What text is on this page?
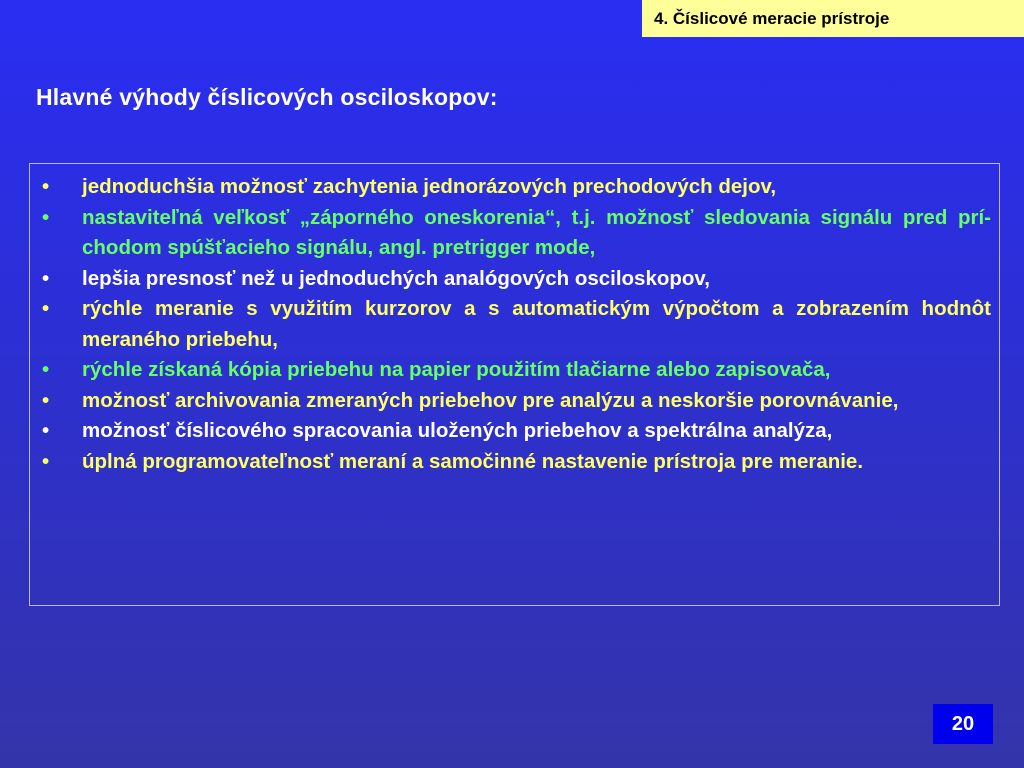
4. Číslicové meracie prístroje
Hlavné výhody číslicových osciloskopov:
•	jednoduchšia možnosť zachytenia jednorázových prechodových dejov,
•	nastaviteľná veľkosť „záporného oneskorenia“, t.j. možnosť sledovania signálu pred prí-chodom spúšťacieho signálu, angl. pretrigger mode,
•	lepšia presnosť než u jednoduchých analógových osciloskopov,
•	rýchle meranie s využitím kurzorov a s automatickým výpočtom a zobrazením hodnôt meraného priebehu,
•	rýchle získaná kópia priebehu na papier použitím tlačiarne alebo zapisovača,
•	možnosť archivovania zmeraných priebehov pre analýzu a neskoršie porovnávanie,
•	možnosť číslicového spracovania uložených priebehov a spektrálna analýza,
•	úplná programovateľnosť meraní a samočinné nastavenie prístroja pre meranie.
20
